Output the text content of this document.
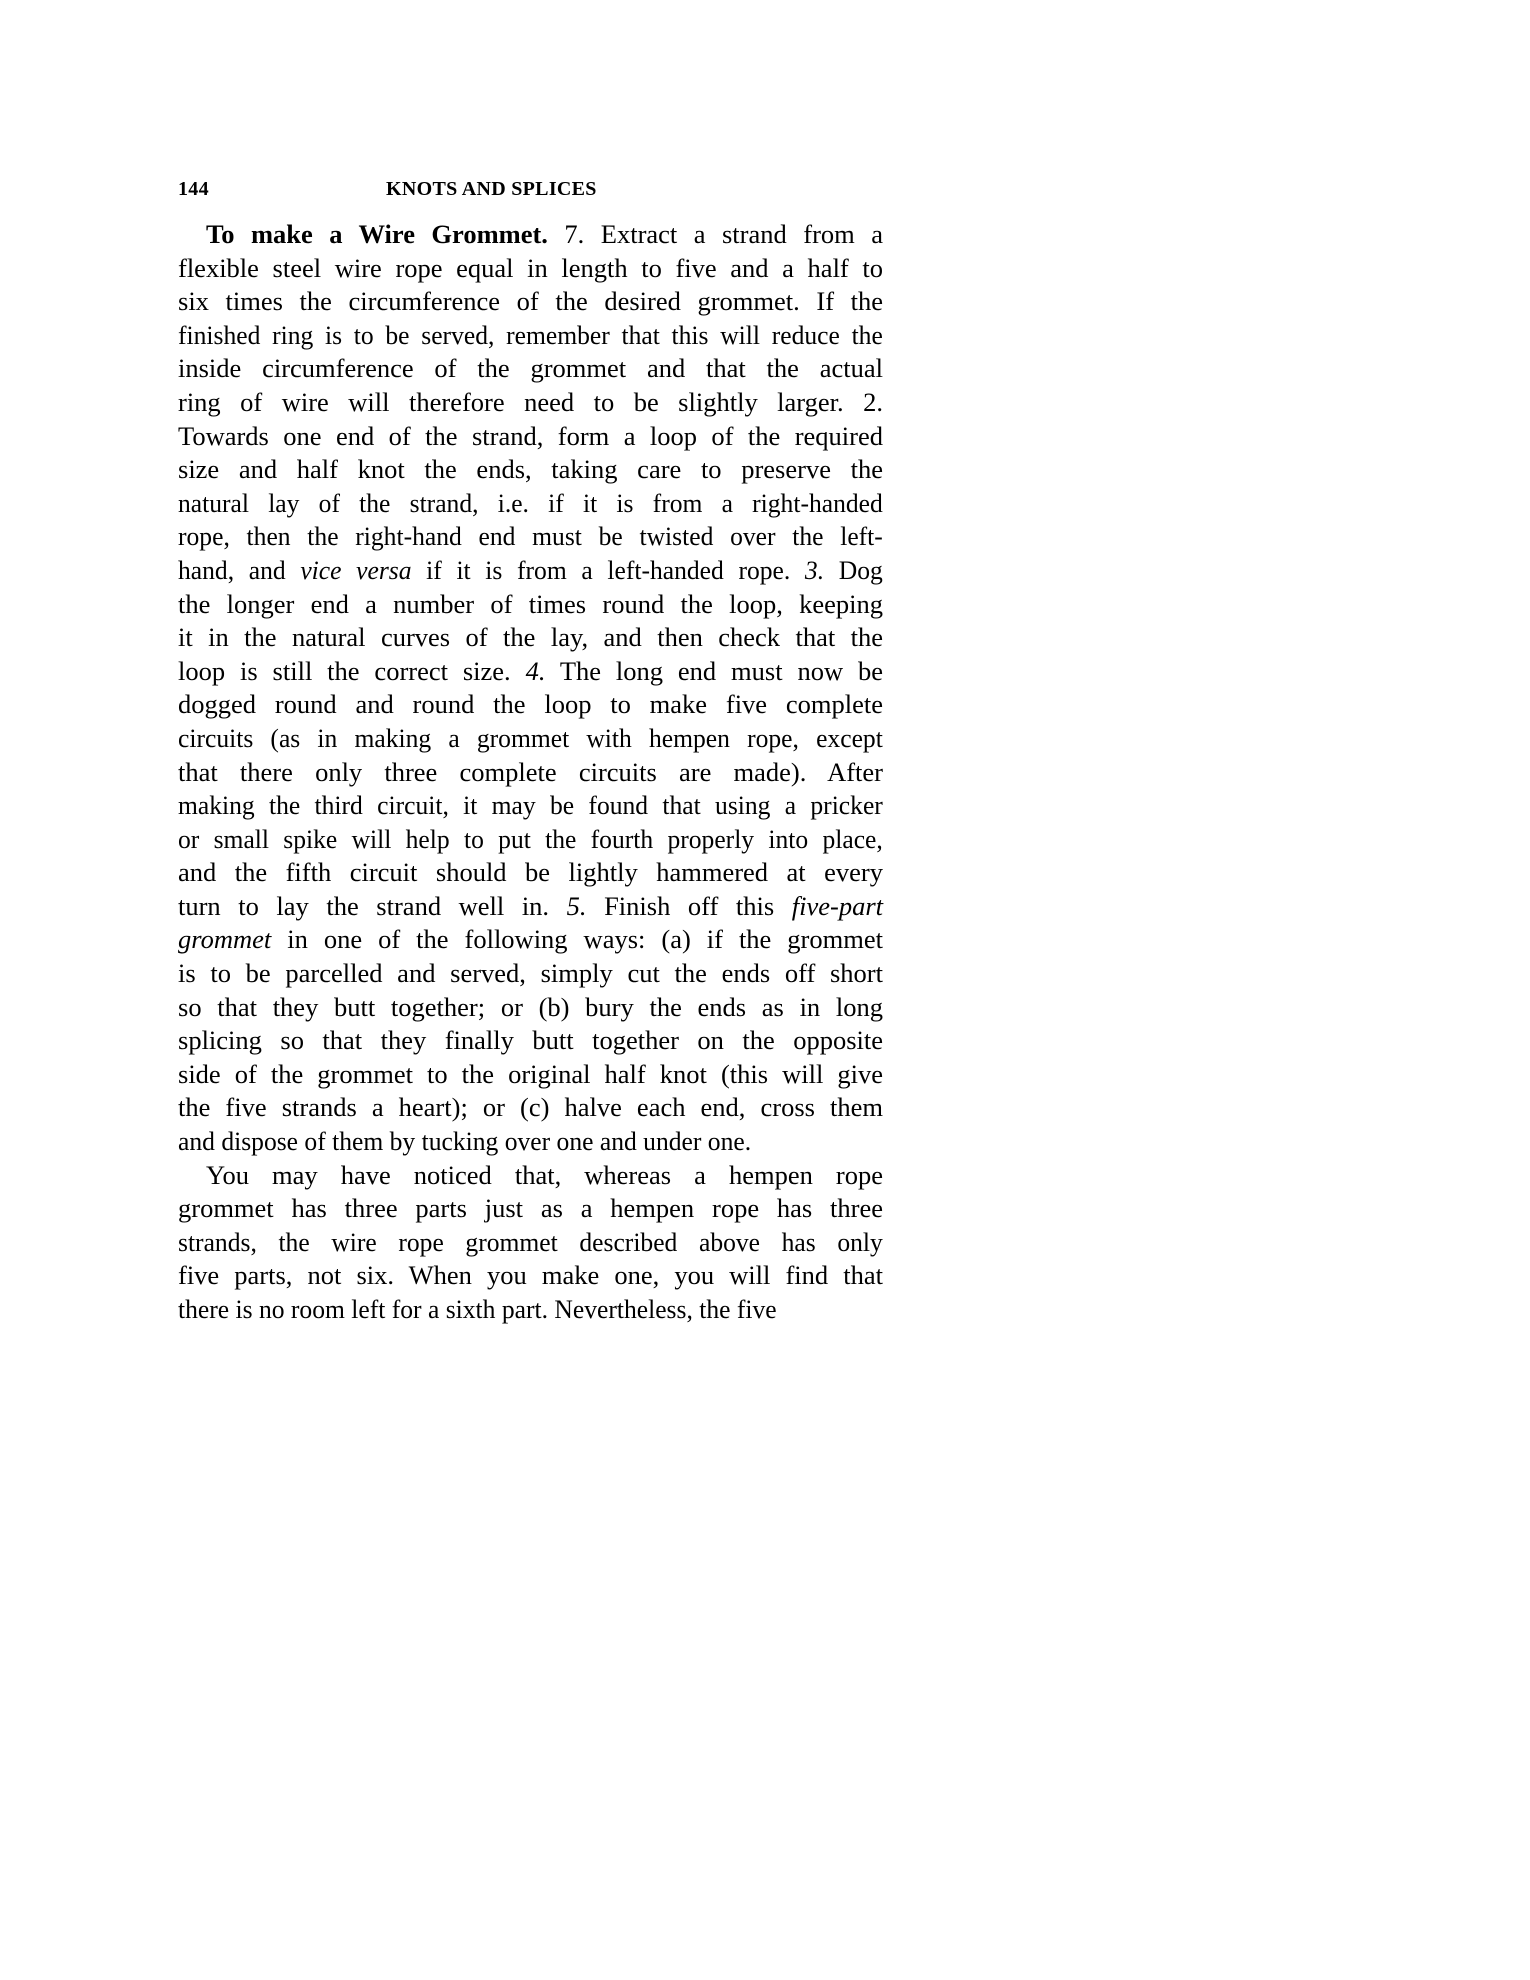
144	KNOTS AND SPLICES

To make a Wire Grommet. 7. Extract a strand from a
flexible steel wire rope equal in length to five and a half to
six times the circumference of the desired grommet. If the
finished ring is to be served, remember that this will reduce the
inside circumference of the grommet and that the actual
ring of wire will therefore need to be slightly larger. 2.
Towards one end of the strand, form a loop of the required
size and half knot the ends, taking care to preserve the
natural lay of the strand, i.e. if it is from a right-handed
rope, then the right-hand end must be twisted over the left-
hand, and vice versa if it is from a left-handed rope. 3. Dog
the longer end a number of times round the loop, keeping
it in the natural curves of the lay, and then check that the
loop is still the correct size. 4. The long end must now be
dogged round and round the loop to make five complete
circuits (as in making a grommet with hempen rope, except
that there only three complete circuits are made). After
making the third circuit, it may be found that using a pricker
or small spike will help to put the fourth properly into place,
and the fifth circuit should be lightly hammered at every
turn to lay the strand well in. 5. Finish off this five-part
grommet in one of the following ways: (a) if the grommet
is to be parcelled and served, simply cut the ends off short
so that they butt together; or (b) bury the ends as in long
splicing so that they finally butt together on the opposite
side of the grommet to the original half knot (this will give
the five strands a heart); or (c) halve each end, cross them
and dispose of them by tucking over one and under one.

You may have noticed that, whereas a hempen rope
grommet has three parts just as a hempen rope has three
strands, the wire rope grommet described above has only
five parts, not six. When you make one, you will find that
there is no room left for a sixth part. Nevertheless, the five
